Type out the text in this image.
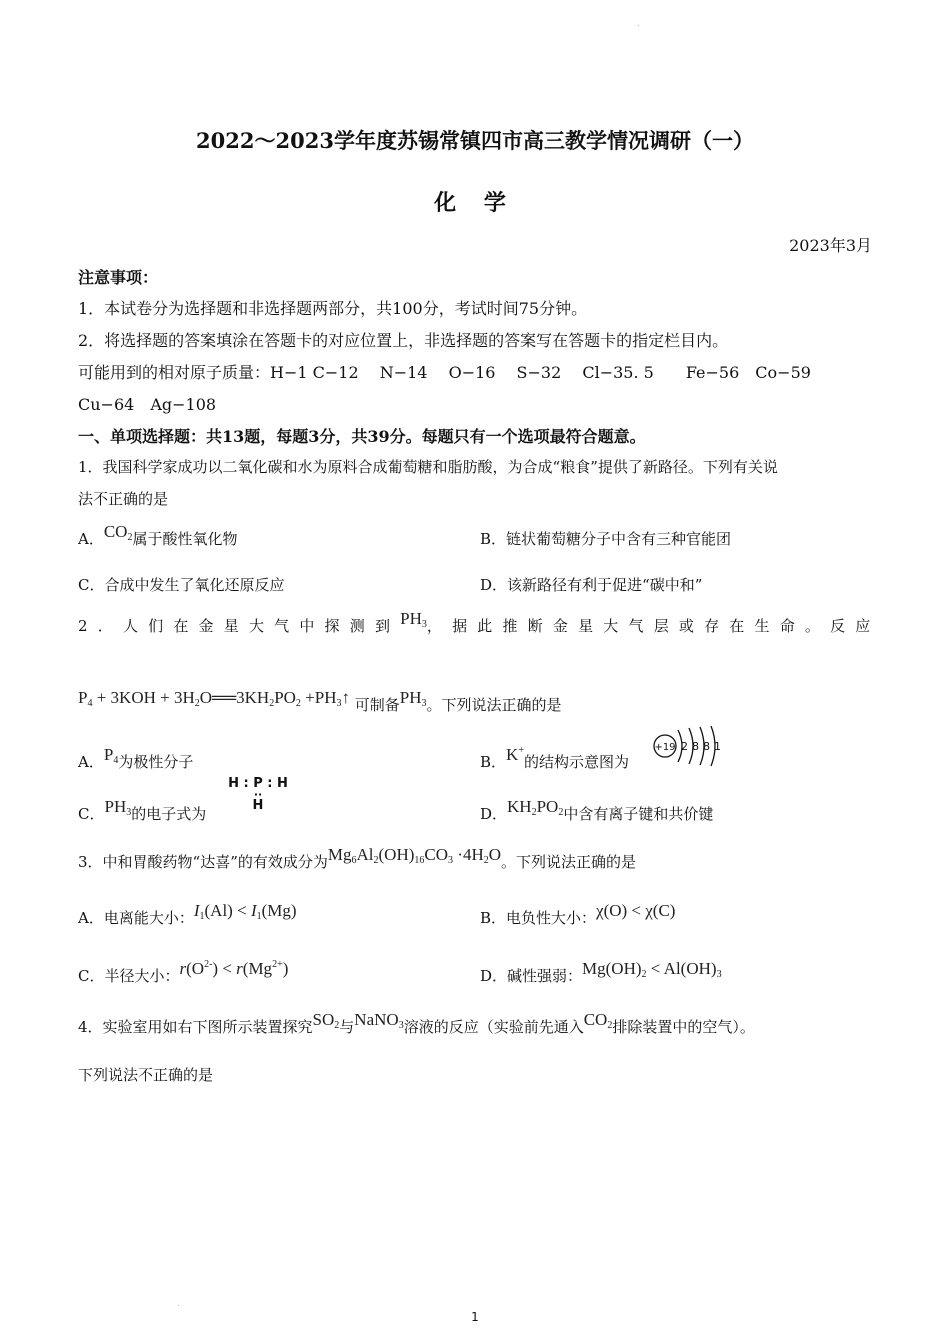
2022～2023学年度苏锡常镇四市高三教学情况调研（一）
化 学
2023年3月
注意事项：
1．本试卷分为选择题和非选择题两部分，共100分，考试时间75分钟。
2．将选择题的答案填涂在答题卡的对应位置上，非选择题的答案写在答题卡的指定栏目内。
可能用到的相对原子质量：H−1 C−12　 N−14　 O−16　 S−32　 Cl−35. 5　　Fe−56　Co−59
Cu−64　Ag−108
一、单项选择题：共13题，每题3分，共39分。每题只有一个选项最符合题意。
1．我国科学家成功以二氧化碳和水为原料合成葡萄糖和脂肪酸，为合成“粮食”提供了新路径。下列有关说
法不正确的是
A．$CO_2$属于酸性氧化物	B．链状葡萄糖分子中含有三种官能团
C．合成中发生了氧化还原反应	D．该新路径有利于促进“碳中和”
2．人们在金星大气中探测到$PH_3$，据此推断金星大气层或存在生命。反应
$P_4 + 3KOH$ + $3H_2O══3KH_2PO_2$ $+PH_3↑$ 可制备$PH_3$。下列说法正确的是
A．$P_4$为极性分子	B．K+的结构示意图为
+19 2 8 8 1
C．$PH_3$的电子式为
H : P : H
··
H	D．$KH_2PO_2$中含有离子键和共价键
3．中和胃酸药物“达喜”的有效成分为$Mg_6Al_2(OH)_{16}CO_3 \cdot 4H_2O$。下列说法正确的是
A．电离能大小：$I_1(Al) < I_1(Mg)$	B．电负性大小：χ(O) < χ(C)
C．半径大小：$r(O^{2-}) < r(Mg^{2+})$	D．碱性强弱：$Mg(OH)_2 < Al(OH)_3$
4．实验室用如右下图所示装置探究$SO_2$与NaNO$_3$溶液的反应（实验前先通入$CO_2$排除装置中的空气）。
下列说法不正确的是
1
